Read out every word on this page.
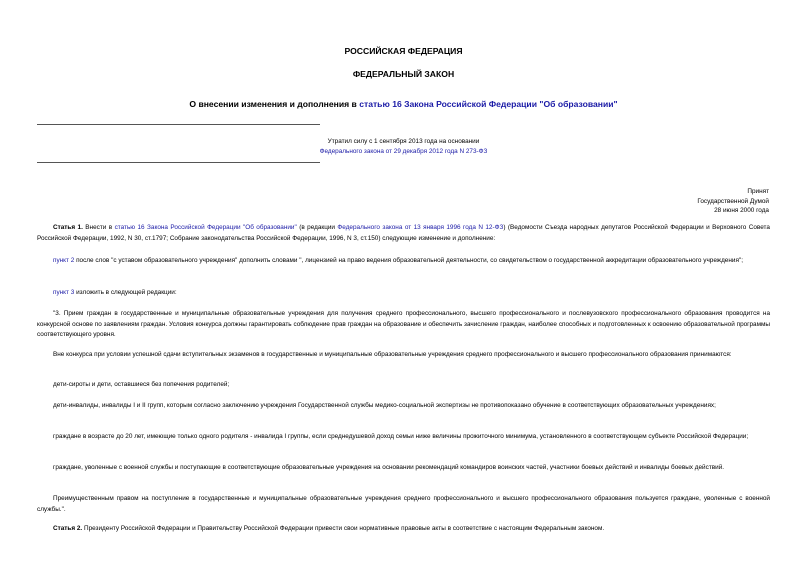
РОССИЙСКАЯ ФЕДЕРАЦИЯ
ФЕДЕРАЛЬНЫЙ ЗАКОН
О внесении изменения и дополнения в статью 16 Закона Российской Федерации "Об образовании"
Утратил силу с 1 сентября 2013 года на основании
Федерального закона от 29 декабря 2012 года N 273-ФЗ
Принят
Государственной Думой
28 июня 2000 года
Статья 1. Внести в статью 16 Закона Российской Федерации "Об образовании" (в редакции Федерального закона от 13 января 1996 года N 12-ФЗ) (Ведомости Съезда народных депутатов Российской Федерации и Верховного Совета Российской Федерации, 1992, N 30, ст.1797; Собрание законодательства Российской Федерации, 1996, N 3, ст.150) следующие изменение и дополнение:
пункт 2 после слов "с уставом образовательного учреждения" дополнить словами ", лицензией на право ведения образовательной деятельности, со свидетельством о государственной аккредитации образовательного учреждения";
пункт 3 изложить в следующей редакции:
"3. Прием граждан в государственные и муниципальные образовательные учреждения для получения среднего профессионального, высшего профессионального и послевузовского профессионального образования проводится на конкурсной основе по заявлениям граждан. Условия конкурса должны гарантировать соблюдение прав граждан на образование и обеспечить зачисление граждан, наиболее способных и подготовленных к освоению образовательной программы соответствующего уровня.
Вне конкурса при условии успешной сдачи вступительных экзаменов в государственные и муниципальные образовательные учреждения среднего профессионального и высшего профессионального образования принимаются:
дети-сироты и дети, оставшиеся без попечения родителей;
дети-инвалиды, инвалиды I и II групп, которым согласно заключению учреждения Государственной службы медико-социальной экспертизы не противопоказано обучение в соответствующих образовательных учреждениях;
граждане в возрасте до 20 лет, имеющие только одного родителя - инвалида I группы, если среднедушевой доход семьи ниже величины прожиточного минимума, установленного в соответствующем субъекте Российской Федерации;
граждане, уволенные с военной службы и поступающие в соответствующие образовательные учреждения на основании рекомендаций командиров воинских частей, участники боевых действий и инвалиды боевых действий.
Преимущественным правом на поступление в государственные и муниципальные образовательные учреждения среднего профессионального и высшего профессионального образования пользуется граждане, уволенные с военной службы.".
Статья 2. Президенту Российской Федерации и Правительству Российской Федерации привести свои нормативные правовые акты в соответствие с настоящим Федеральным законом.
